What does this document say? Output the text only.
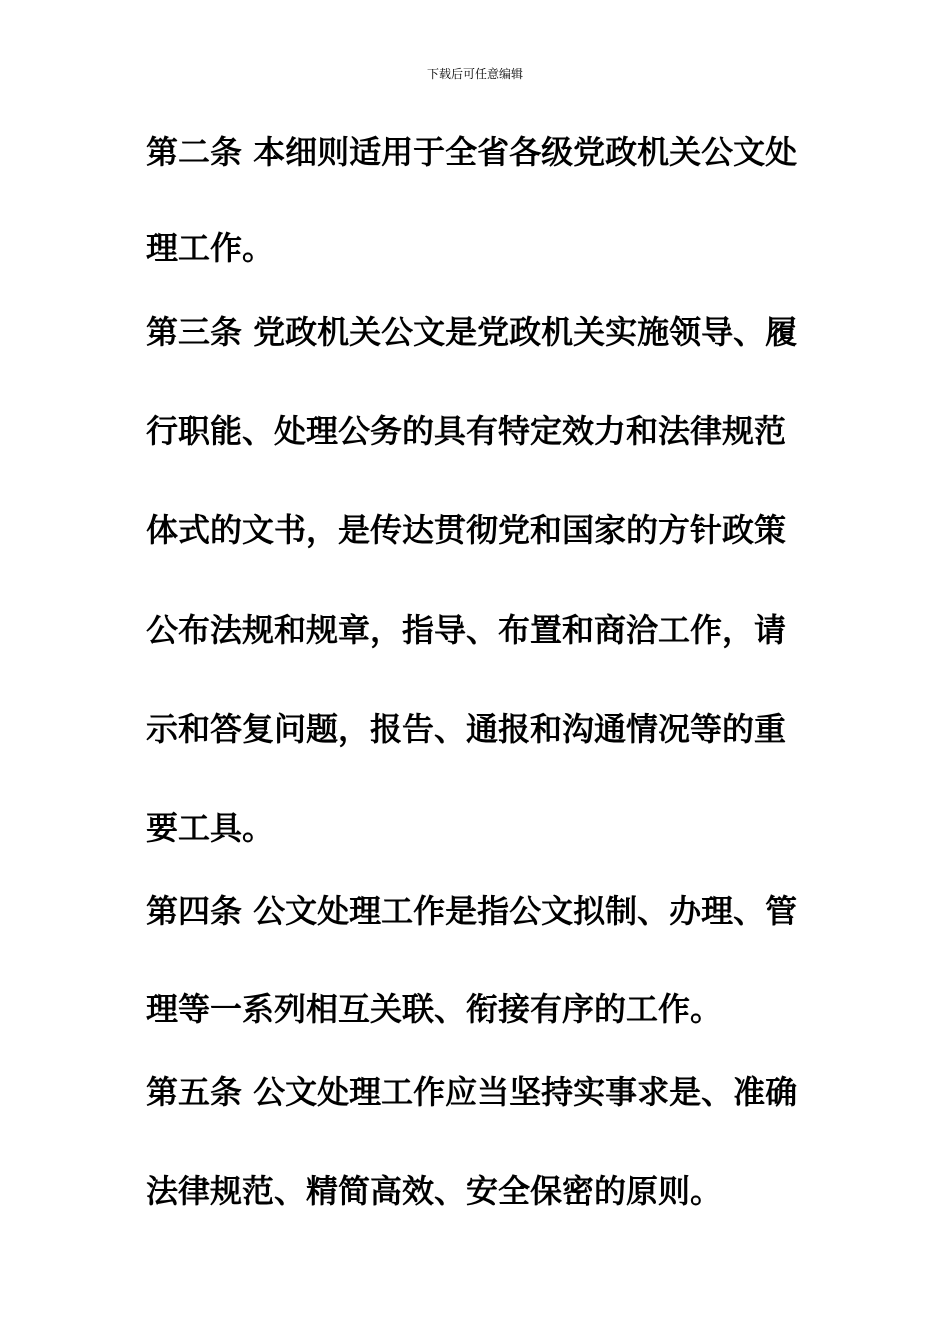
下载后可任意编辑
第二条 本细则适用于全省各级党政机关公文处
理工作。
第三条 党政机关公文是党政机关实施领导、履
行职能、处理公务的具有特定效力和法律规范
体式的文书，是传达贯彻党和国家的方针政策
公布法规和规章，指导、布置和商洽工作，请
示和答复问题，报告、通报和沟通情况等的重
要工具。
第四条 公文处理工作是指公文拟制、办理、管
理等一系列相互关联、衔接有序的工作。
第五条 公文处理工作应当坚持实事求是、准确
法律规范、精简高效、安全保密的原则。
